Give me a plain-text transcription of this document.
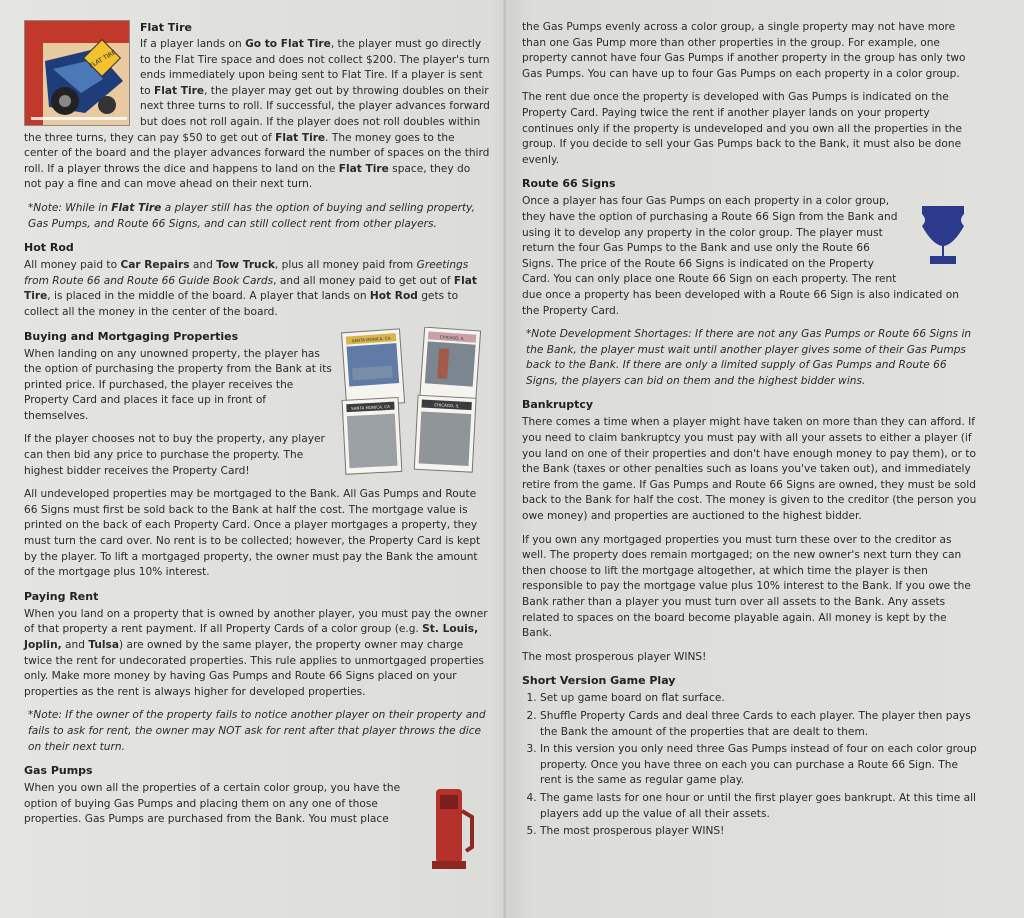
FLAT TIRE
Flat Tire

If a player lands on Go to Flat Tire, the player must go directly to the Flat Tire space and does not collect $200. The player's turn ends immediately upon being sent to Flat Tire. If a player is sent to Flat Tire, the player may get out by throwing doubles on their next three turns to roll. If successful, the player advances forward but does not roll again. If the player does not roll doubles within the three turns, they can pay $50 to get out of Flat Tire. The money goes to the center of the board and the player advances forward the number of spaces on the third roll. If a player throws the dice and happens to land on the Flat Tire space, they do not pay a fine and can move ahead on their next turn.

*Note: While in Flat Tire a player still has the option of buying and selling property, Gas Pumps, and Route 66 Signs, and can still collect rent from other players.

Hot Rod

All money paid to Car Repairs and Tow Truck, plus all money paid from Greetings from Route 66 and Route 66 Guide Book Cards, and all money paid to get out of Flat Tire, is placed in the middle of the board. A player that lands on Hot Rod gets to collect all the money in the center of the board.

SANTA MONICA, CA	CHICAGO, IL
SANTA MONICA, CA	CHICAGO, IL
Buying and Mortgaging Properties

When landing on any unowned property, the player has the option of purchasing the property from the Bank at its printed price. If purchased, the player receives the Property Card and places it face up in front of themselves.

If the player chooses not to buy the property, any player can then bid any price to purchase the property. The highest bidder receives the Property Card!

All undeveloped properties may be mortgaged to the Bank. All Gas Pumps and Route 66 Signs must first be sold back to the Bank at half the cost. The mortgage value is printed on the back of each Property Card. Once a player mortgages a property, they must turn the card over. No rent is to be collected; however, the Property Card is kept by the player. To lift a mortgaged property, the owner must pay the Bank the amount of the mortgage plus 10% interest.

Paying Rent

When you land on a property that is owned by another player, you must pay the owner of that property a rent payment. If all Property Cards of a color group (e.g. St. Louis, Joplin, and Tulsa) are owned by the same player, the property owner may charge twice the rent for undecorated properties. This rule applies to unmortgaged properties only. Make more money by having Gas Pumps and Route 66 Signs placed on your properties as the rent is always higher for developed properties.

*Note: If the owner of the property fails to notice another player on their property and fails to ask for rent, the owner may NOT ask for rent after that player throws the dice on their next turn.

Gas Pumps

When you own all the properties of a certain color group, you have the option of buying Gas Pumps and placing them on any one of those properties. Gas Pumps are purchased from the Bank. You must place

the Gas Pumps evenly across a color group, a single property may not have more than one Gas Pump more than other properties in the group. For example, one property cannot have four Gas Pumps if another property in the group has only two Gas Pumps. You can have up to four Gas Pumps on each property in a color group.

The rent due once the property is developed with Gas Pumps is indicated on the Property Card. Paying twice the rent if another player lands on your property continues only if the property is undeveloped and you own all the properties in the group. If you decide to sell your Gas Pumps back to the Bank, it must also be done evenly.

Route 66 Signs

Once a player has four Gas Pumps on each property in a color group, they have the option of purchasing a Route 66 Sign from the Bank and using it to develop any property in the color group. The player must return the four Gas Pumps to the Bank and use only the Route 66 Signs. The price of the Route 66 Signs is indicated on the Property Card. You can only place one Route 66 Sign on each property. The rent due once a property has been developed with a Route 66 Sign is also indicated on the Property Card.

*Note Development Shortages: If there are not any Gas Pumps or Route 66 Signs in the Bank, the player must wait until another player gives some of their Gas Pumps back to the Bank. If there are only a limited supply of Gas Pumps and Route 66 Signs, the players can bid on them and the highest bidder wins.

Bankruptcy

There comes a time when a player might have taken on more than they can afford. If you need to claim bankruptcy you must pay with all your assets to either a player (if you land on one of their properties and don't have enough money to pay them), or to the Bank (taxes or other penalties such as loans you've taken out), and immediately retire from the game. If Gas Pumps and Route 66 Signs are owned, they must be sold back to the Bank for half the cost. The money is given to the creditor (the person you owe money) and properties are auctioned to the highest bidder.

If you own any mortgaged properties you must turn these over to the creditor as well. The property does remain mortgaged; on the new owner's next turn they can then choose to lift the mortgage altogether, at which time the player is then responsible to pay the mortgage value plus 10% interest to the Bank. If you owe the Bank rather than a player you must turn over all assets to the Bank. Any assets related to spaces on the board become playable again. All money is kept by the Bank.

The most prosperous player WINS!

Short Version Game Play
1. Set up game board on flat surface.
2. Shuffle Property Cards and deal three Cards to each player. The player then pays the Bank the amount of the properties that are dealt to them.
3. In this version you only need three Gas Pumps instead of four on each color group property. Once you have three on each you can purchase a Route 66 Sign. The rent is the same as regular game play.
4. The game lasts for one hour or until the first player goes bankrupt. At this time all players add up the value of all their assets.
5. The most prosperous player WINS!
